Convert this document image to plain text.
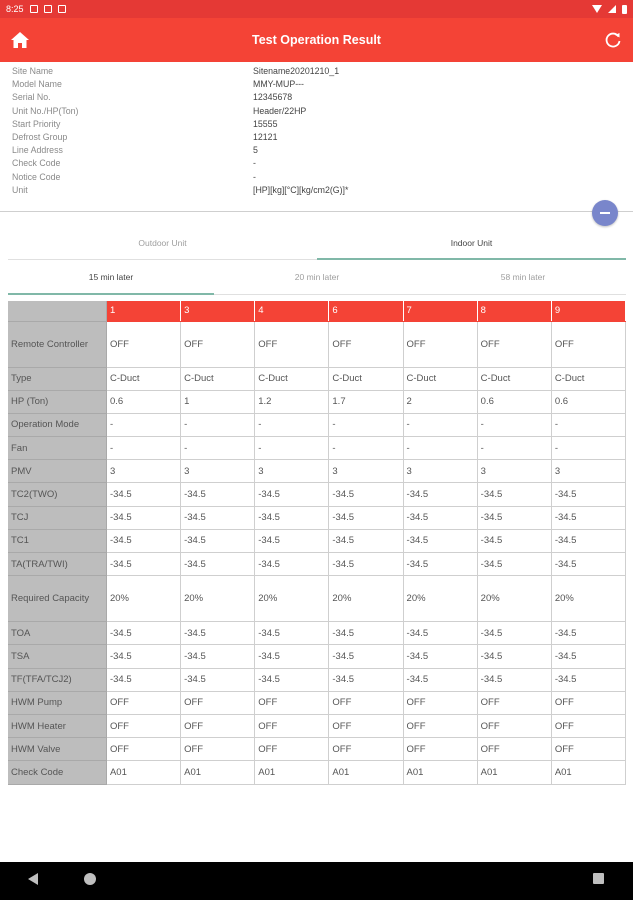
8:25
Test Operation Result
Site Name	Sitename20201210_1
Model Name	MMY-MUP---
Serial No.	12345678
Unit No./HP(Ton)	Header/22HP
Start Priority	15555
Defrost Group	12121
Line Address	5
Check Code	-
Notice Code	-
Unit	[HP][kg][°C][kg/cm2(G)]*
Outdoor Unit	Indoor Unit
15 min later	20 min later	58 min later
	1	3	4	6	7	8	9
Remote Controller	OFF	OFF	OFF	OFF	OFF	OFF	OFF
Type	C-Duct	C-Duct	C-Duct	C-Duct	C-Duct	C-Duct	C-Duct
HP (Ton)	0.6	1	1.2	1.7	2	0.6	0.6
Operation Mode	-	-	-	-	-	-	-
Fan	-	-	-	-	-	-	-
PMV	3	3	3	3	3	3	3
TC2(TWO)	-34.5	-34.5	-34.5	-34.5	-34.5	-34.5	-34.5
TCJ	-34.5	-34.5	-34.5	-34.5	-34.5	-34.5	-34.5
TC1	-34.5	-34.5	-34.5	-34.5	-34.5	-34.5	-34.5
TA(TRA/TWI)	-34.5	-34.5	-34.5	-34.5	-34.5	-34.5	-34.5
Required Capacity	20%	20%	20%	20%	20%	20%	20%
TOA	-34.5	-34.5	-34.5	-34.5	-34.5	-34.5	-34.5
TSA	-34.5	-34.5	-34.5	-34.5	-34.5	-34.5	-34.5
TF(TFA/TCJ2)	-34.5	-34.5	-34.5	-34.5	-34.5	-34.5	-34.5
HWM Pump	OFF	OFF	OFF	OFF	OFF	OFF	OFF
HWM Heater	OFF	OFF	OFF	OFF	OFF	OFF	OFF
HWM Valve	OFF	OFF	OFF	OFF	OFF	OFF	OFF
Check Code	A01	A01	A01	A01	A01	A01	A01
